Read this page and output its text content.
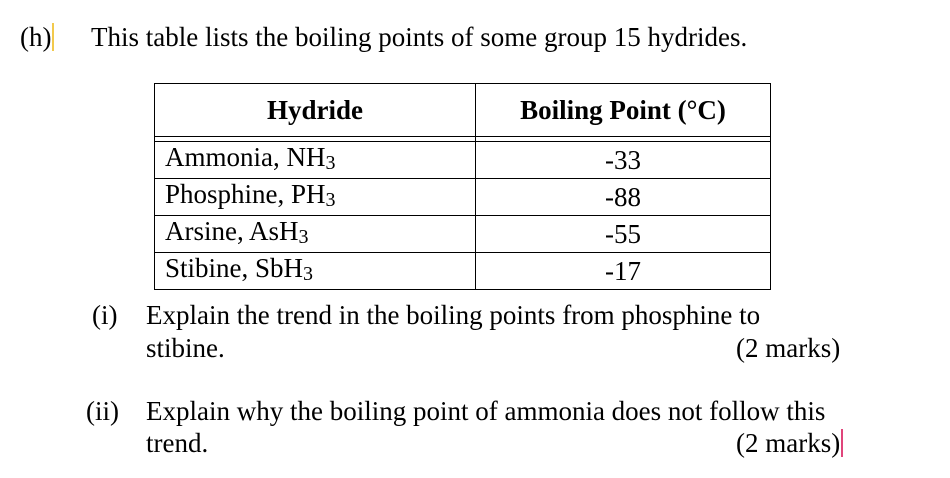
(h) This table lists the boiling points of some group 15 hydrides.
Hydride	Boiling Point (°C)

Ammonia, NH3	-33
Phosphine, PH3	-88
Arsine, AsH3	-55
Stibine, SbH3	-17
(i) Explain the trend in the boiling points from phosphine to
stibine.	(2 marks)
(ii) Explain why the boiling point of ammonia does not follow this
trend.	(2 marks)
